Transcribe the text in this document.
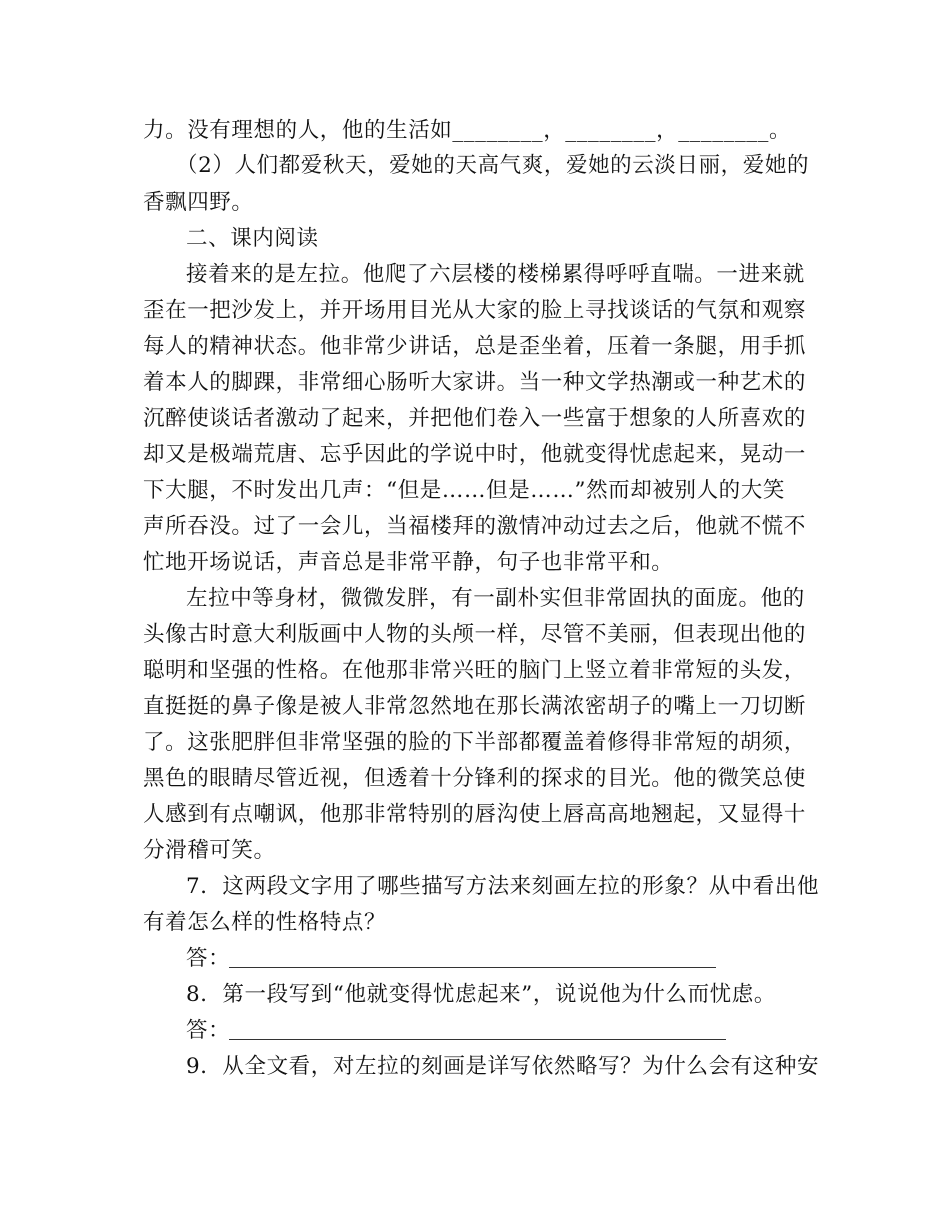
力。没有理想的人，他的生活如________，________，________。
（2）人们都爱秋天，爱她的天高气爽，爱她的云淡日丽，爱她的
香飘四野。
二、课内阅读
接着来的是左拉。他爬了六层楼的楼梯累得呼呼直喘。一进来就
歪在一把沙发上，并开场用目光从大家的脸上寻找谈话的气氛和观察
每人的精神状态。他非常少讲话，总是歪坐着，压着一条腿，用手抓
着本人的脚踝，非常细心肠听大家讲。当一种文学热潮或一种艺术的
沉醉使谈话者激动了起来，并把他们卷入一些富于想象的人所喜欢的
却又是极端荒唐、忘乎因此的学说中时，他就变得忧虑起来，晃动一
下大腿，不时发出几声：“但是……但是……”然而却被别人的大笑
声所吞没。过了一会儿，当福楼拜的激情冲动过去之后，他就不慌不
忙地开场说话，声音总是非常平静，句子也非常平和。
左拉中等身材，微微发胖，有一副朴实但非常固执的面庞。他的
头像古时意大利版画中人物的头颅一样，尽管不美丽，但表现出他的
聪明和坚强的性格。在他那非常兴旺的脑门上竖立着非常短的头发，
直挺挺的鼻子像是被人非常忽然地在那长满浓密胡子的嘴上一刀切断
了。这张肥胖但非常坚强的脸的下半部都覆盖着修得非常短的胡须，
黑色的眼睛尽管近视，但透着十分锋利的探求的目光。他的微笑总使
人感到有点嘲讽，他那非常特别的唇沟使上唇高高地翘起，又显得十
分滑稽可笑。
7．这两段文字用了哪些描写方法来刻画左拉的形象？从中看出他
有着怎么样的性格特点？
答：
8．第一段写到“他就变得忧虑起来”，说说他为什么而忧虑。
答：
9．从全文看，对左拉的刻画是详写依然略写？为什么会有这种安
